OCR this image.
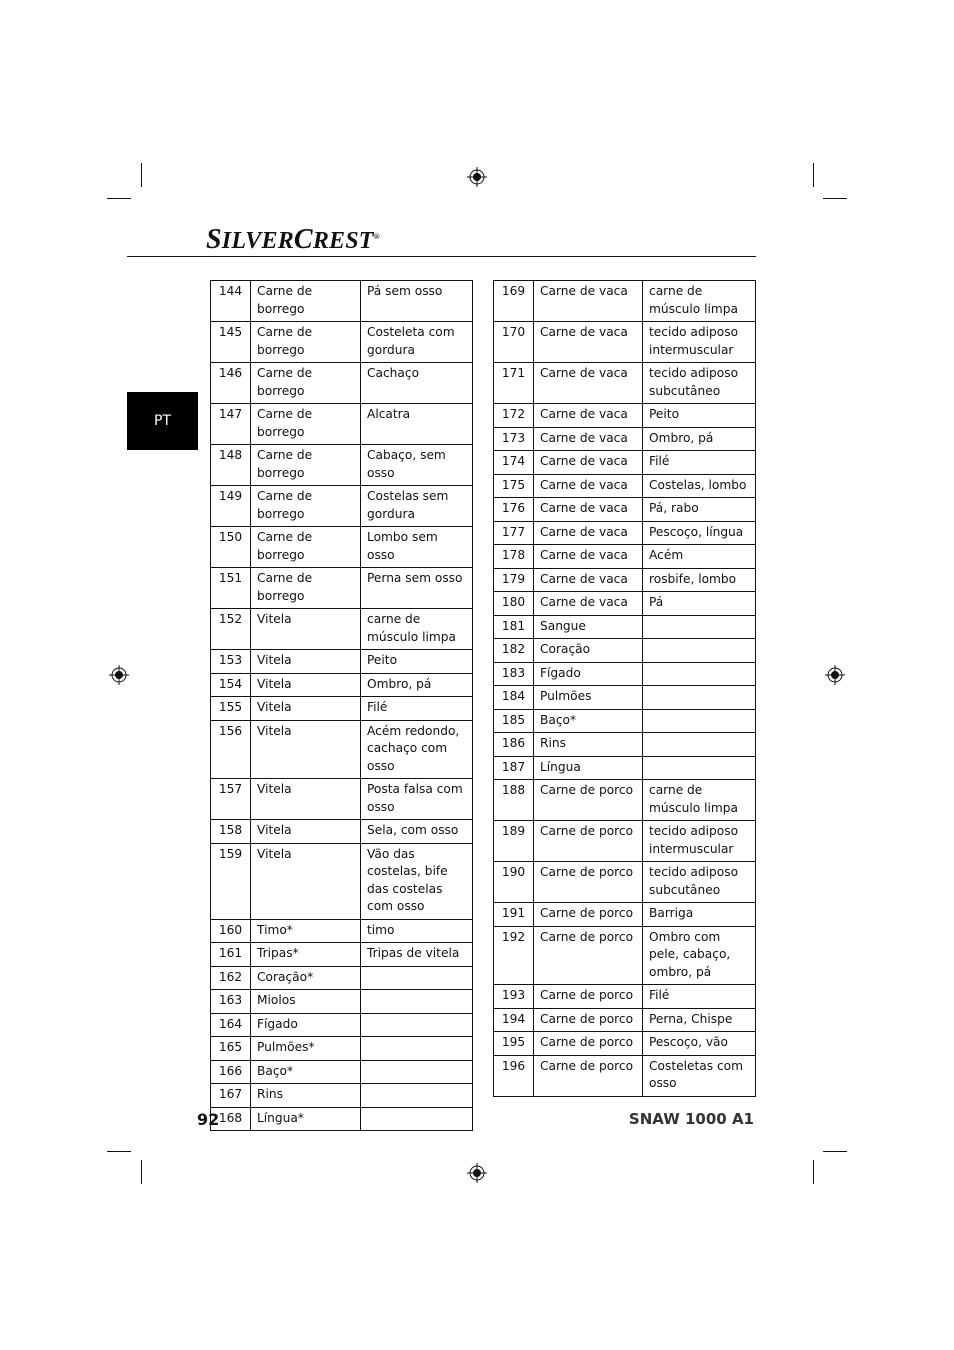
SILVERCREST®
PT
144	Carne de borrego	Pá sem osso
145	Carne de borrego	Costeleta com gordura
146	Carne de borrego	Cachaço
147	Carne de borrego	Alcatra
148	Carne de borrego	Cabaço, sem osso
149	Carne de borrego	Costelas sem gordura
150	Carne de borrego	Lombo sem osso
151	Carne de borrego	Perna sem osso
152	Vitela	carne de músculo limpa
153	Vitela	Peito
154	Vitela	Ombro, pá
155	Vitela	Filé
156	Vitela	Acém redondo, cachaço com osso
157	Vitela	Posta falsa com osso
158	Vitela	Sela, com osso
159	Vitela	Vão das costelas, bife das costelas com osso
160	Timo*	timo
161	Tripas*	Tripas de vitela
162	Coração*	
163	Miolos	
164	Fígado	
165	Pulmões*	
166	Baço*	
167	Rins	
168	Língua*	
169	Carne de vaca	carne de músculo limpa
170	Carne de vaca	tecido adiposo intermuscular
171	Carne de vaca	tecido adiposo subcutâneo
172	Carne de vaca	Peito
173	Carne de vaca	Ombro, pá
174	Carne de vaca	Filé
175	Carne de vaca	Costelas, lombo
176	Carne de vaca	Pá, rabo
177	Carne de vaca	Pescoço, língua
178	Carne de vaca	Acém
179	Carne de vaca	rosbife, lombo
180	Carne de vaca	Pá
181	Sangue	
182	Coração	
183	Fígado	
184	Pulmões	
185	Baço*	
186	Rins	
187	Língua	
188	Carne de porco	carne de músculo limpa
189	Carne de porco	tecido adiposo intermuscular
190	Carne de porco	tecido adiposo subcutâneo
191	Carne de porco	Barriga
192	Carne de porco	Ombro com pele, cabaço, ombro, pá
193	Carne de porco	Filé
194	Carne de porco	Perna, Chispe
195	Carne de porco	Pescoço, vão
196	Carne de porco	Costeletas com osso
92	SNAW 1000 A1
